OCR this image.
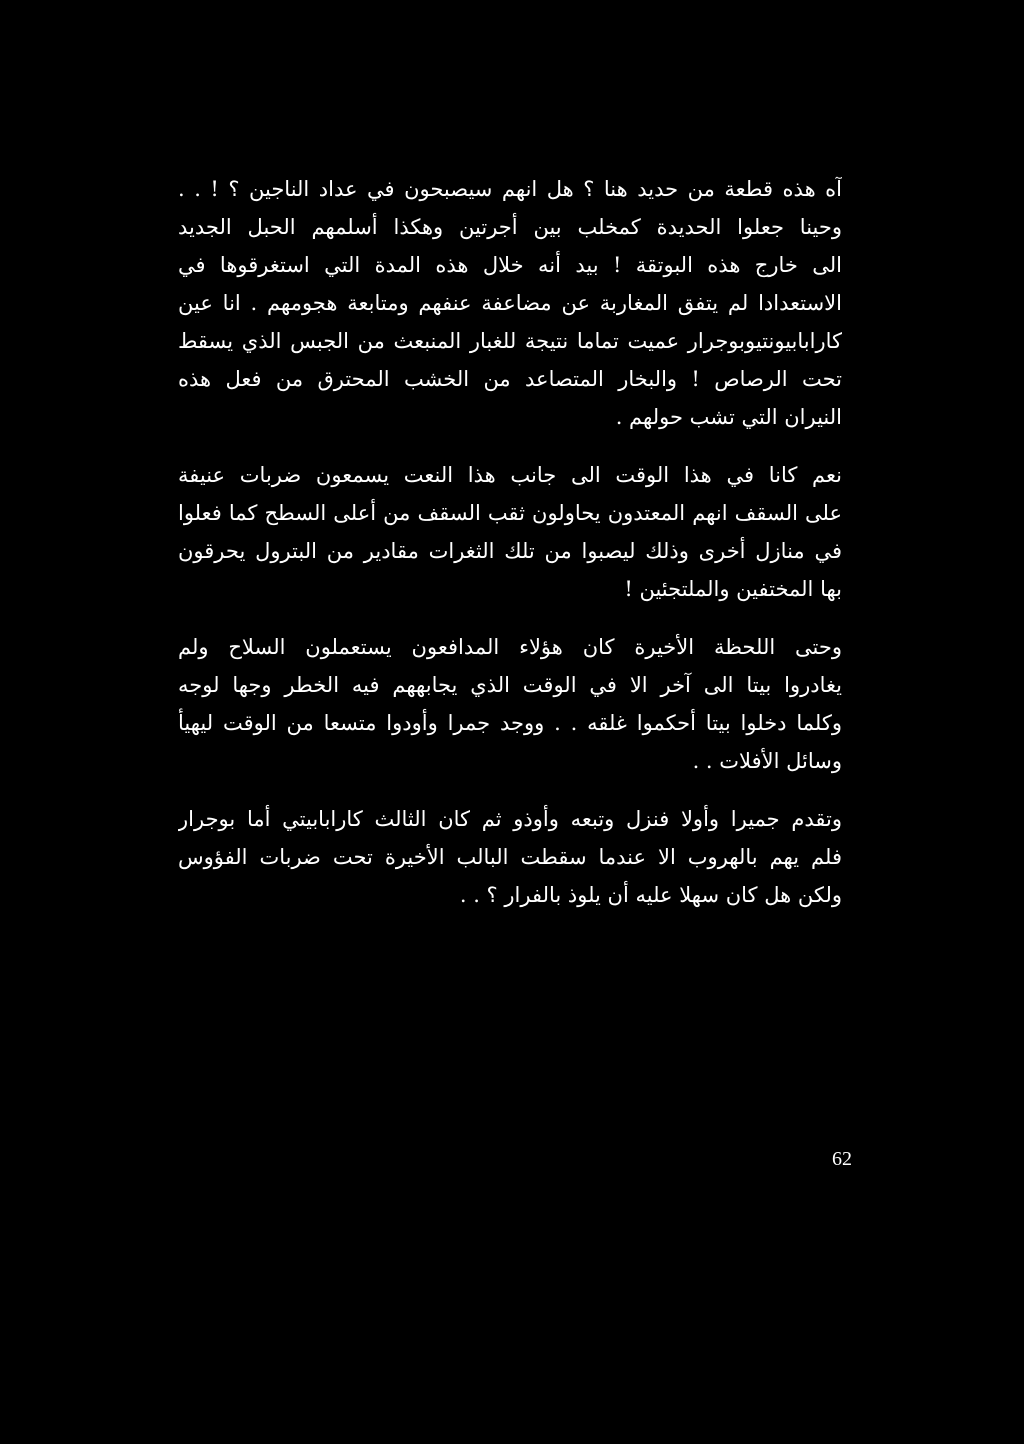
آه هذه قطعة من حديد هنا ؟ هل انهم سيصبحون في عداد الناجين ؟ ! . .
وحينا جعلوا الحديدة كمخلب بين أجرتين وهكذا أسلمهم الحبل الجديد
الى خارج هذه البوتقة ! بيد أنه خلال هذه المدة التي استغرقوها في
الاستعدادا لم يتفق المغاربة عن مضاعفة عنفهم ومتابعة هجومهم . انا عين
كارابابيونتيوبوجرار عميت تماما نتيجة للغبار المنبعث من الجبس الذي يسقط
تحت الرصاص ! والبخار المتصاعد من الخشب المحترق من فعل هذه
النيران التي تشب حولهم .
نعم كانا في هذا الوقت الى جانب هذا النعت يسمعون ضربات عنيفة
على السقف انهم المعتدون يحاولون ثقب السقف من أعلى السطح كما فعلوا
في منازل أخرى وذلك ليصبوا من تلك الثغرات مقادير من البترول يحرقون
بها المختفين والملتجئين !
وحتى اللحظة الأخيرة كان هؤلاء المدافعون يستعملون السلاح ولم
يغادروا بيتا الى آخر الا في الوقت الذي يجابههم فيه الخطر وجها لوجه
وكلما دخلوا بيتا أحكموا غلقه . . ووجد جمرا وأودوا متسعا من الوقت ليهيأ
وسائل الأفلات . .
وتقدم جميرا وأولا فنزل وتبعه وأوذو ثم كان الثالث كارابابيتي أما بوجرار
فلم يهم بالهروب الا عندما سقطت البالب الأخيرة تحت ضربات الفؤوس
ولكن هل كان سهلا عليه أن يلوذ بالفرار ؟ . .
62
